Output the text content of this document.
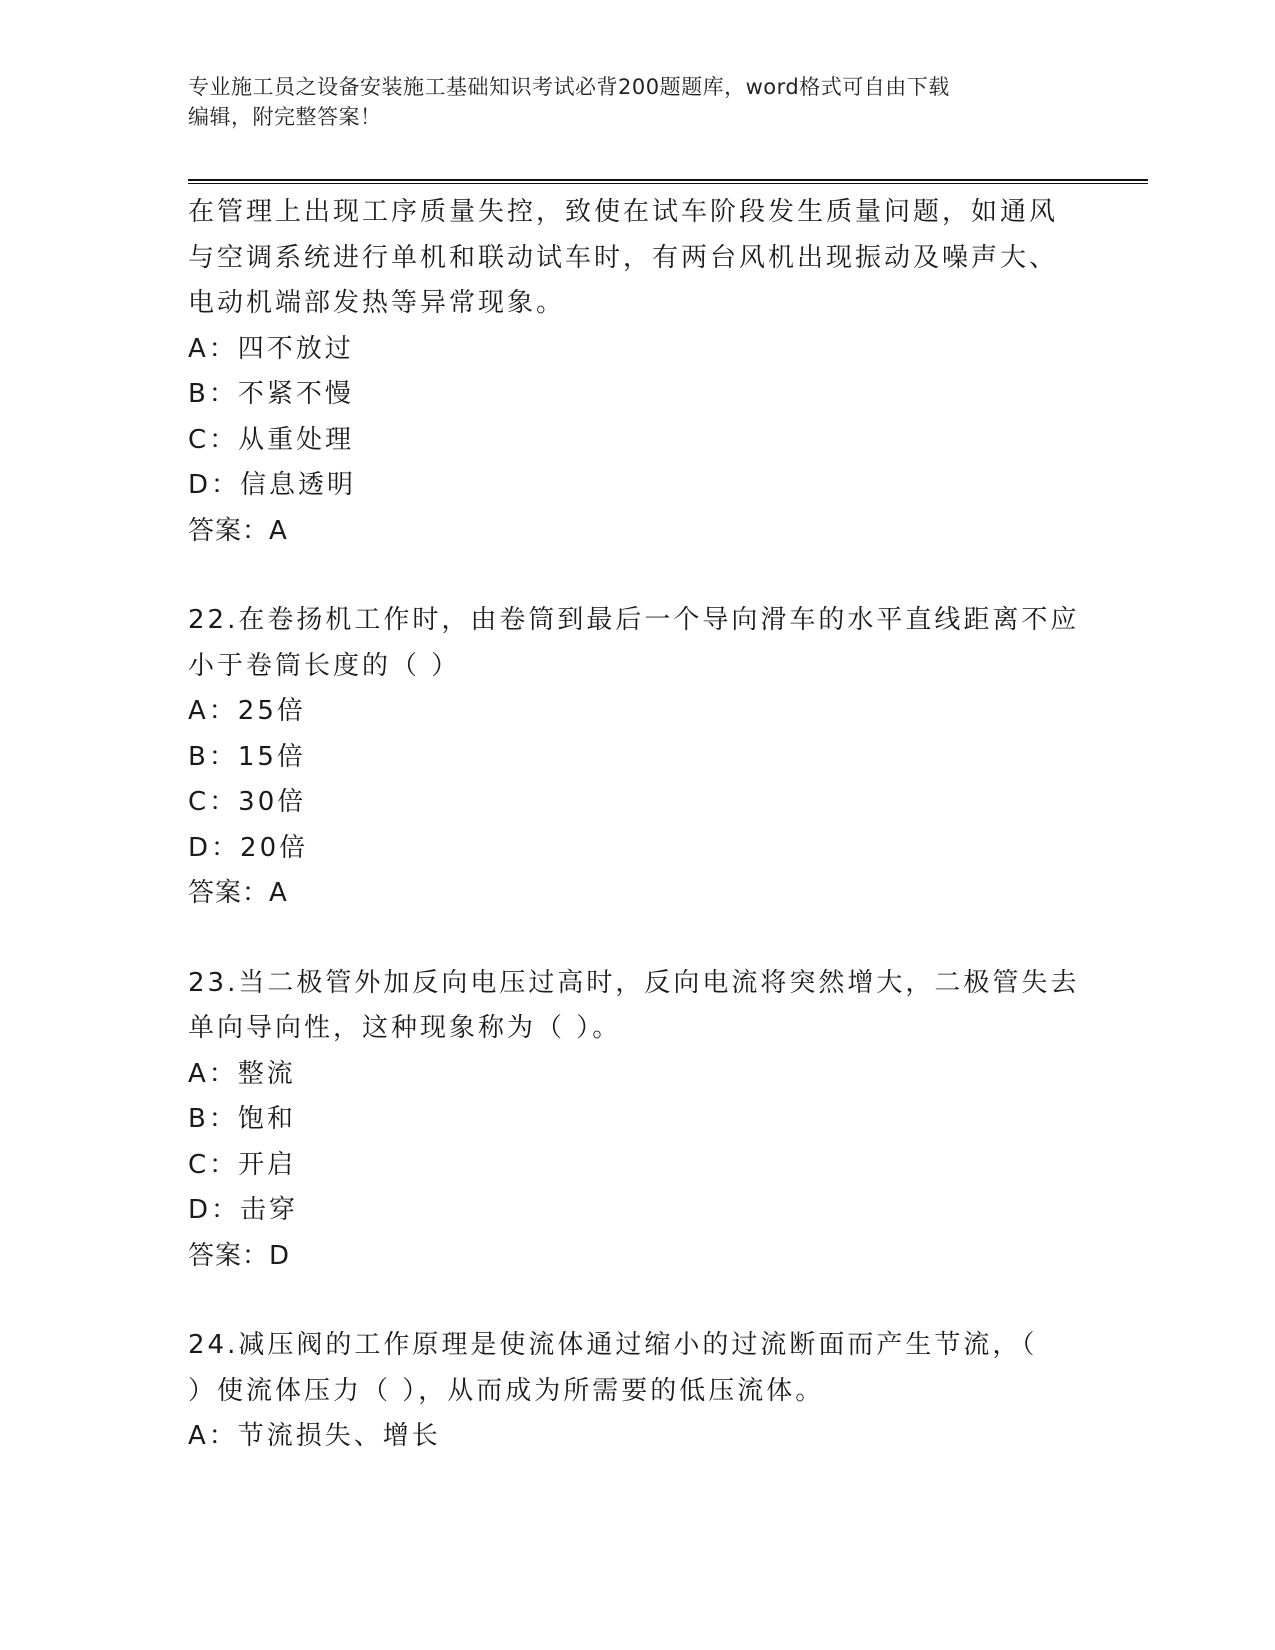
专业施工员之设备安装施工基础知识考试必背200题题库，word格式可自由下载
编辑，附完整答案！
在管理上出现工序质量失控，致使在试车阶段发生质量问题，如通风
与空调系统进行单机和联动试车时，有两台风机出现振动及噪声大、
电动机端部发热等异常现象。
A：四不放过
B：不紧不慢
C：从重处理
D：信息透明
答案：A
22.在卷扬机工作时，由卷筒到最后一个导向滑车的水平直线距离不应
小于卷筒长度的（ ）
A：25倍
B：15倍
C：30倍
D：20倍
答案：A
23.当二极管外加反向电压过高时，反向电流将突然增大，二极管失去
单向导向性，这种现象称为（ ）。
A：整流
B：饱和
C：开启
D：击穿
答案：D
24.减压阀的工作原理是使流体通过缩小的过流断面而产生节流，（
）使流体压力（ ），从而成为所需要的低压流体。
A：节流损失、增长
